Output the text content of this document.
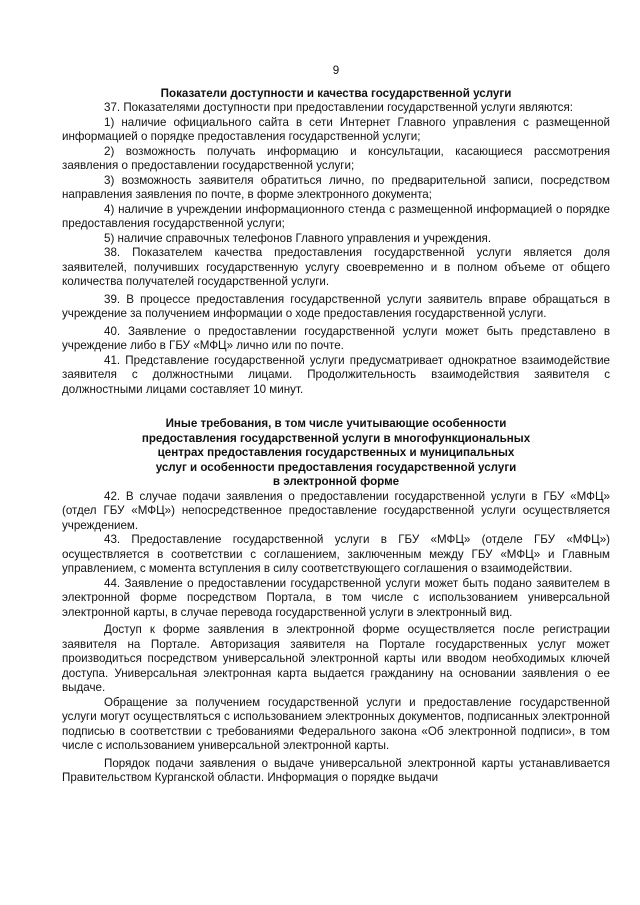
9
Показатели доступности и качества государственной услуги

37. Показателями доступности при предоставлении государственной услуги являются:

1) наличие официального сайта в сети Интернет Главного управления с размещенной информацией о порядке предоставления государственной услуги;

2) возможность получать информацию и консультации, касающиеся рассмотрения заявления о предоставлении государственной услуги;

3) возможность заявителя обратиться лично, по предварительной записи, посредством направления заявления по почте, в форме электронного документа;

4) наличие в учреждении информационного стенда с размещенной информацией о порядке предоставления государственной услуги;

5) наличие справочных телефонов Главного управления и учреждения.

38. Показателем качества предоставления государственной услуги является доля заявителей, получивших государственную услугу своевременно и в полном объеме от общего количества получателей государственной услуги.

39. В процессе предоставления государственной услуги заявитель вправе обращаться в учреждение за получением информации о ходе предоставления государственной услуги.

40. Заявление о предоставлении государственной услуги может быть представлено в учреждение либо в ГБУ «МФЦ» лично или по почте.

41. Представление государственной услуги предусматривает однократное взаимодействие заявителя с должностными лицами. Продолжительность взаимодействия заявителя с должностными лицами составляет 10 минут.

Иные требования, в том числе учитывающие особенности
предоставления государственной услуги в многофункциональных
центрах предоставления государственных и муниципальных
услуг и особенности предоставления государственной услуги
в электронной форме

42. В случае подачи заявления о предоставлении государственной услуги в ГБУ «МФЦ» (отдел ГБУ «МФЦ») непосредственное предоставление государственной услуги осуществляется учреждением.

43. Предоставление государственной услуги в ГБУ «МФЦ» (отделе ГБУ «МФЦ») осуществляется в соответствии с соглашением, заключенным между ГБУ «МФЦ» и Главным управлением, с момента вступления в силу соответствующего соглашения о взаимодействии.

44. Заявление о предоставлении государственной услуги может быть подано заявителем в электронной форме посредством Портала, в том числе с использованием универсальной электронной карты, в случае перевода государственной услуги в электронный вид.

Доступ к форме заявления в электронной форме осуществляется после регистрации заявителя на Портале. Авторизация заявителя на Портале государственных услуг может производиться посредством универсальной электронной карты или вводом необходимых ключей доступа. Универсальная электронная карта выдается гражданину на основании заявления о ее выдаче.

Обращение за получением государственной услуги и предоставление государственной услуги могут осуществляться с использованием электронных документов, подписанных электронной подписью в соответствии с требованиями Федерального закона «Об электронной подписи», в том числе с использованием универсальной электронной карты.

Порядок подачи заявления о выдаче универсальной электронной карты устанавливается Правительством Курганской области. Информация о порядке выдачи
